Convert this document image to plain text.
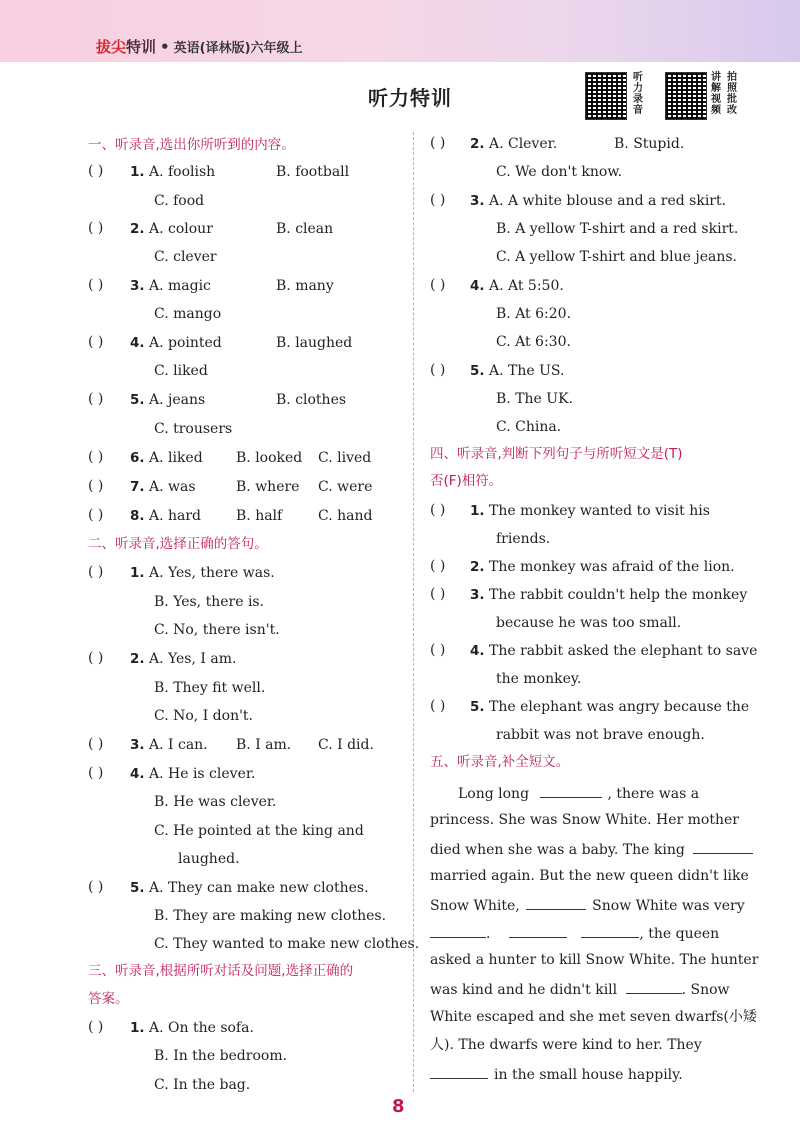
拔尖特训 • 英语(译林版)六年级上
听力特训
听力录音
讲解视频
拍照批改
一、听录音,选出你所听到的内容。
( ) 1. A. foolish	B. football
C. food
( ) 2. A. colour	B. clean
C. clever
( ) 3. A. magic	B. many
C. mango
( ) 4. A. pointed	B. laughed
C. liked
( ) 5. A. jeans	B. clothes
C. trousers
( ) 6. A. liked B. looked C. lived
( ) 7. A. was	B. where C. were
( ) 8. A. hard B. half	C. hand
二、听录音,选择正确的答句。
( ) 1. A. Yes, there was.
B. Yes, there is.
C. No, there isn't.
( ) 2. A. Yes, I am.
B. They fit well.
C. No, I don't.
( ) 3. A. I can. B. I am. C. I did.
( ) 4. A. He is clever.
B. He was clever.
C. He pointed at the king and
laughed.
( ) 5. A. They can make new clothes.
B. They are making new clothes.
C. They wanted to make new clothes.
三、听录音,根据所听对话及问题,选择正确的
答案。
( ) 1. A. On the sofa.
B. In the bedroom.
C. In the bag.
( ) 2. A. Clever.	B. Stupid.
C. We don't know.
( ) 3. A. A white blouse and a red skirt.
B. A yellow T-shirt and a red skirt.
C. A yellow T-shirt and blue jeans.
( ) 4. A. At 5:50.
B. At 6:20.
C. At 6:30.
( ) 5. A. The US.
B. The UK.
C. China.
四、听录音,判断下列句子与所听短文是(T)
否(F)相符。
( ) 1. The monkey wanted to visit his
friends.
( ) 2. The monkey was afraid of the lion.
( ) 3. The rabbit couldn't help the monkey
because he was too small.
( ) 4. The rabbit asked the elephant to save
the monkey.
( ) 5. The elephant was angry because the
rabbit was not brave enough.
五、听录音,补全短文。
Long long	, there was a
princess. She was Snow White. Her mother
died when she was a baby. The king
married again. But the new queen didn't like
Snow White,	Snow White was very
.	, the queen
asked a hunter to kill Snow White. The hunter
was kind and he didn't kill	. Snow
White escaped and she met seven dwarfs(小矮
人). The dwarfs were kind to her. They
in the small house happily.
8
